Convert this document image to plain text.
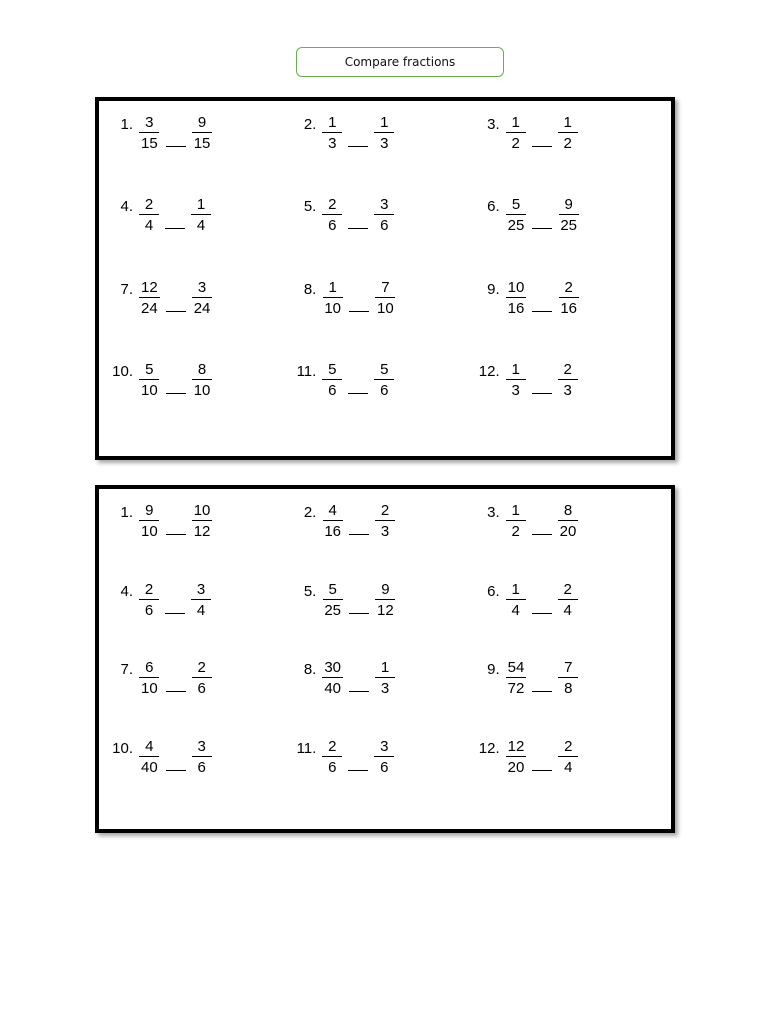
Compare fractions
1. $\frac{3}{15} \frac{9}{15}$	2. $\frac{1}{3} \frac{1}{3}$	3. $\frac{1}{2} \frac{1}{2}$
4. $\frac{2}{4} \frac{1}{4}$	5. $\frac{2}{6} \frac{3}{6}$	6. $\frac{5}{25} \frac{9}{25}$
7. $\frac{12}{24} \frac{3}{24}$	8. $\frac{1}{10} \frac{7}{10}$	9. $\frac{10}{16} \frac{2}{16}$
10. $\frac{5}{10} \frac{8}{10}$	11. $\frac{5}{6} \frac{5}{6}$	12. $\frac{1}{3} \frac{2}{3}$
1. $\frac{9}{10} \frac{10}{12}$	2. $\frac{4}{16} \frac{2}{3}$	3. $\frac{1}{2} \frac{8}{20}$
4. $\frac{2}{6} \frac{3}{4}$	5. $\frac{5}{25} \frac{9}{12}$	6. $\frac{1}{4} \frac{2}{4}$
7. $\frac{6}{10} \frac{2}{6}$	8. $\frac{30}{40} \frac{1}{3}$	9. $\frac{54}{72} \frac{7}{8}$
10. $\frac{4}{40} \frac{3}{6}$	11. $\frac{2}{6} \frac{3}{6}$	12. $\frac{12}{20} \frac{2}{4}$
